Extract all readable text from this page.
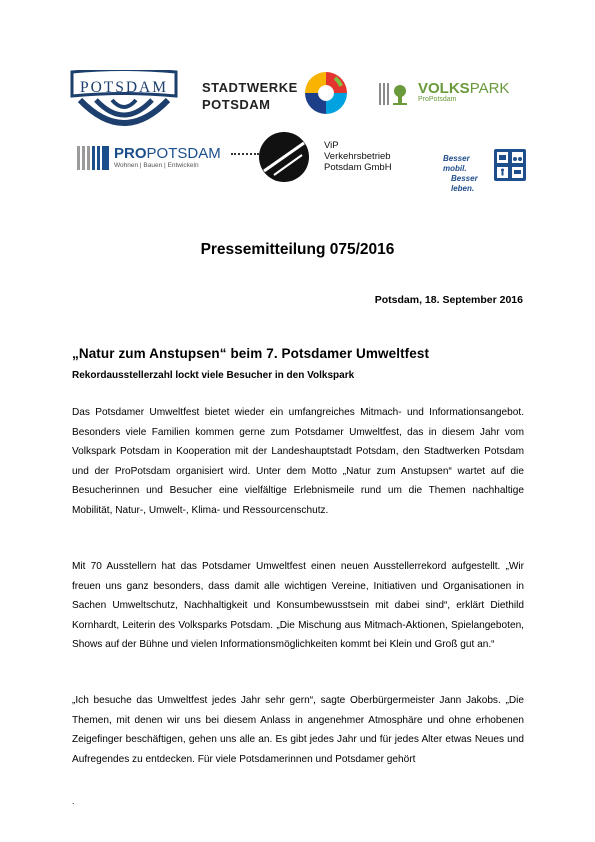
POTSDAM	STADTWERKE
POTSDAM
VOLKSPARK
ProPotsdam
PROPOTSDAM
Wohnen | Bauen | Entwickeln
ViP
Verkehrsbetrieb
Potsdam GmbH
Besser mobil.
Besser leben.
Pressemitteilung 075/2016
Potsdam, 18. September 2016
„Natur zum Anstupsen“ beim 7. Potsdamer Umweltfest
Rekordausstellerzahl lockt viele Besucher in den Volkspark

Das Potsdamer Umweltfest bietet wieder ein umfangreiches Mitmach- und Informationsangebot. Besonders viele Familien kommen gerne zum Potsdamer Umweltfest, das in diesem Jahr vom Volkspark Potsdam in Kooperation mit der Landeshauptstadt Potsdam, den Stadtwerken Potsdam und der ProPotsdam organisiert wird. Unter dem Motto „Natur zum Anstupsen“ wartet auf die Besucherinnen und Besucher eine vielfältige Erlebnismeile rund um die Themen nachhaltige Mobilität, Natur-, Umwelt-, Klima- und Ressourcenschutz.

Mit 70 Ausstellern hat das Potsdamer Umweltfest einen neuen Ausstellerrekord aufgestellt. „Wir freuen uns ganz besonders, dass damit alle wichtigen Vereine, Initiativen und Organisationen in Sachen Umweltschutz, Nachhaltigkeit und Konsumbewusstsein mit dabei sind“, erklärt Diethild Kornhardt, Leiterin des Volksparks Potsdam. „Die Mischung aus Mitmach-Aktionen, Spielangeboten, Shows auf der Bühne und vielen Informationsmöglichkeiten kommt bei Klein und Groß gut an.“

„Ich besuche das Umweltfest jedes Jahr sehr gern“, sagte Oberbürgermeister Jann Jakobs. „Die Themen, mit denen wir uns bei diesem Anlass in angenehmer Atmosphäre und ohne erhobenen Zeigefinger beschäftigen, gehen uns alle an. Es gibt jedes Jahr und für jedes Alter etwas Neues und Aufregendes zu entdecken. Für viele Potsdamerinnen und Potsdamer gehört

.
